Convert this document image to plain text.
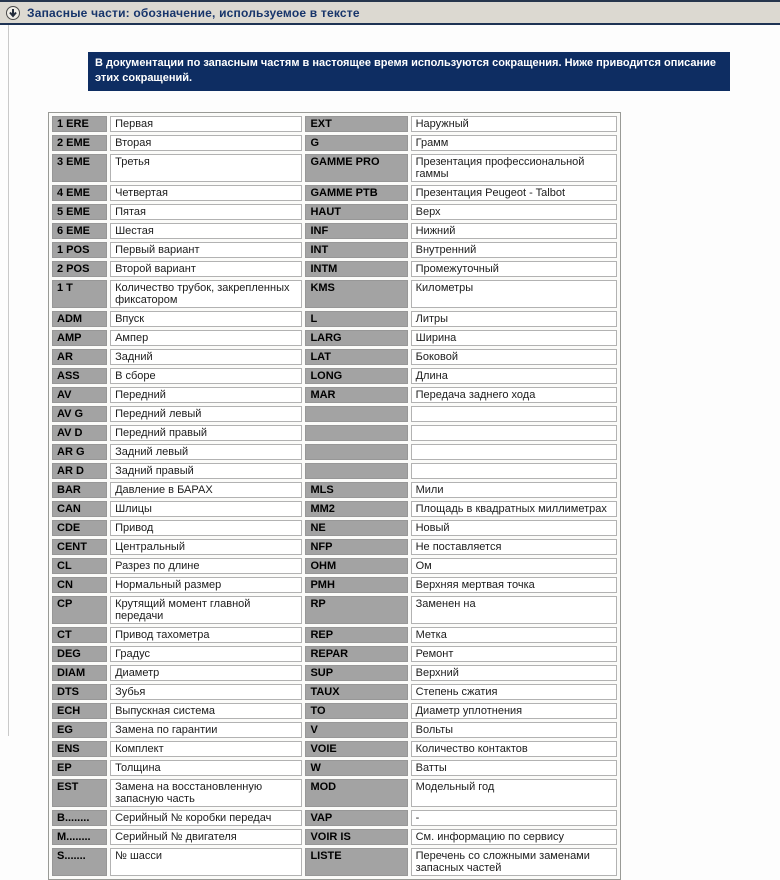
Запасные части: обозначение, используемое в тексте
В документации по запасным частям в настоящее время используются сокращения. Ниже приводится описание этих сокращений.
1 ERE	Первая	EXT	Наружный
2 EME	Вторая	G	Грамм
3 EME	Третья	GAMME PRO	Презентация профессиональной гаммы
4 EME	Четвертая	GAMME PTB	Презентация Peugeot - Talbot
5 EME	Пятая	HAUT	Верх
6 EME	Шестая	INF	Нижний
1 POS	Первый вариант	INT	Внутренний
2 POS	Второй вариант	INTM	Промежуточный
1 T	Количество трубок, закрепленных фиксатором	KMS	Километры
ADM	Впуск	L	Литры
AMP	Ампер	LARG	Ширина
AR	Задний	LAT	Боковой
ASS	В сборе	LONG	Длина
AV	Передний	MAR	Передача заднего хода
AV G	Передний левый		
AV D	Передний правый		
AR G	Задний левый		
AR D	Задний правый		
BAR	Давление в БАРАХ	MLS	Мили
CAN	Шлицы	MM2	Площадь в квадратных миллиметрах
CDE	Привод	NE	Новый
CENT	Центральный	NFP	Не поставляется
CL	Разрез по длине	OHM	Ом
CN	Нормальный размер	PMH	Верхняя мертвая точка
CP	Крутящий момент главной передачи	RP	Заменен на
CT	Привод тахометра	REP	Метка
DEG	Градус	REPAR	Ремонт
DIAM	Диаметр	SUP	Верхний
DTS	Зубья	TAUX	Степень сжатия
ECH	Выпускная система	TO	Диаметр уплотнения
EG	Замена по гарантии	V	Вольты
ENS	Комплект	VOIE	Количество контактов
EP	Толщина	W	Ватты
EST	Замена на восстановленную запасную часть	MOD	Модельный год
B........	Серийный № коробки передач	VAP	-
M........	Серийный № двигателя	VOIR IS	См. информацию по сервису
S.......	№ шасси	LISTE	Перечень со сложными заменами запасных частей
